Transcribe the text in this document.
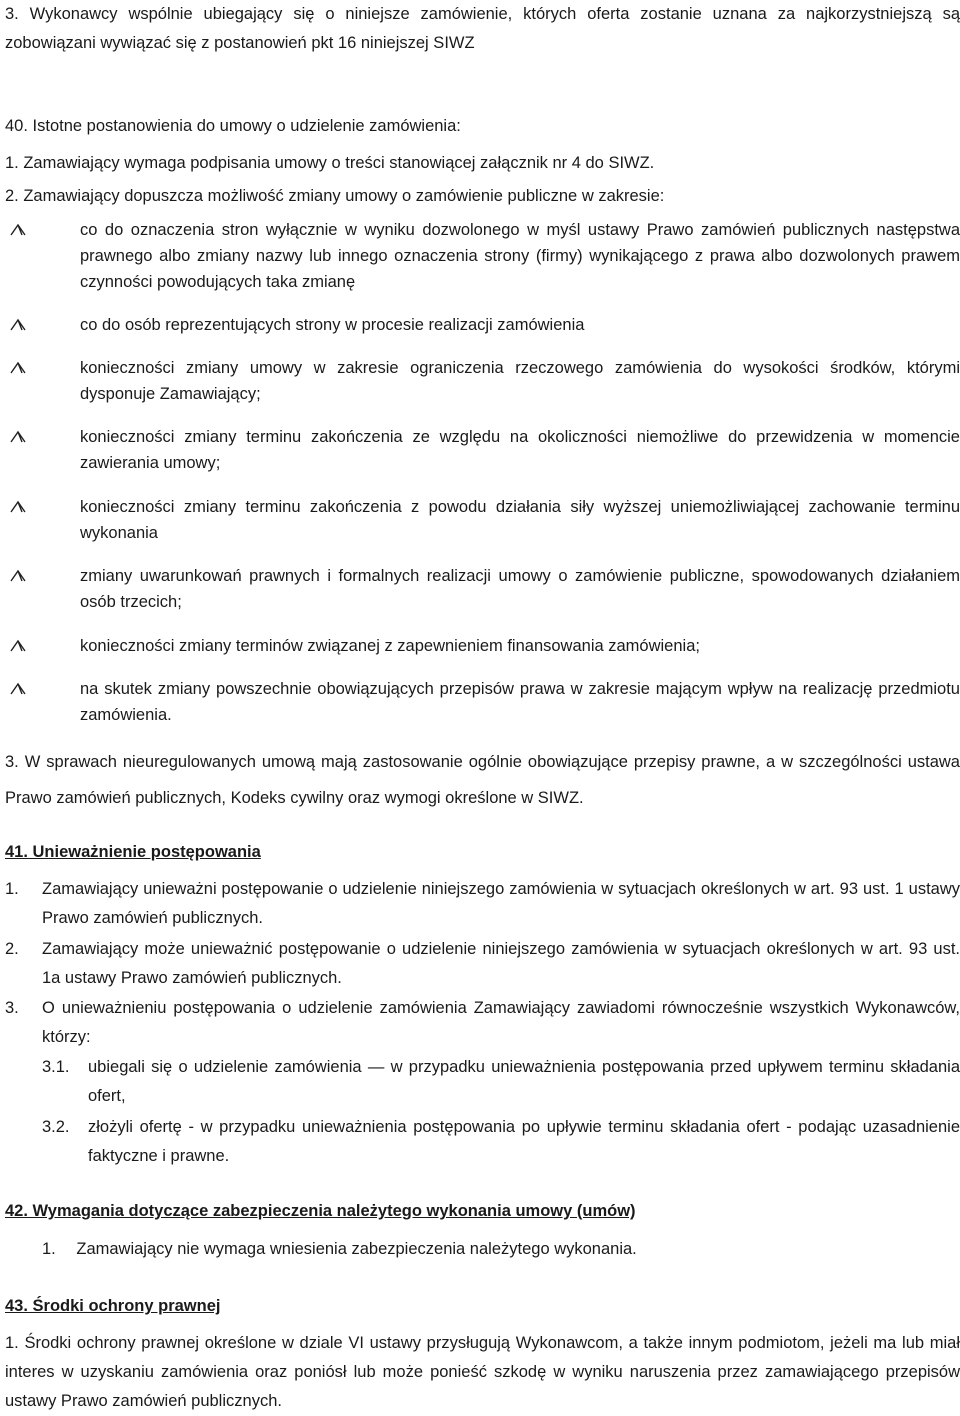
3. Wykonawcy wspólnie ubiegający się o niniejsze zamówienie, których oferta zostanie uznana za najkorzystniejszą są zobowiązani wywiązać się z postanowień pkt 16 niniejszej SIWZ
40. Istotne postanowienia do umowy o udzielenie zamówienia:
1. Zamawiający wymaga podpisania umowy o treści stanowiącej załącznik nr 4 do SIWZ.
2. Zamawiający dopuszcza możliwość zmiany umowy o zamówienie publiczne w zakresie:
co do oznaczenia stron wyłącznie w wyniku dozwolonego w myśl ustawy Prawo zamówień publicznych następstwa prawnego albo zmiany nazwy lub innego oznaczenia strony (firmy) wynikającego z prawa albo dozwolonych prawem czynności powodujących taka zmianę
co do osób reprezentujących strony w procesie realizacji zamówienia
konieczności zmiany umowy w zakresie ograniczenia rzeczowego zamówienia do wysokości środków, którymi dysponuje Zamawiający;
konieczności zmiany terminu zakończenia ze względu na okoliczności niemożliwe do przewidzenia w momencie zawierania umowy;
konieczności zmiany terminu zakończenia z powodu działania siły wyższej uniemożliwiającej zachowanie terminu wykonania
zmiany uwarunkowań prawnych i formalnych realizacji umowy o zamówienie publiczne, spowodowanych działaniem osób trzecich;
konieczności zmiany terminów związanej z zapewnieniem finansowania zamówienia;
na skutek zmiany powszechnie obowiązujących przepisów prawa w zakresie mającym wpływ na realizację przedmiotu zamówienia.
3. W sprawach nieuregulowanych umową mają zastosowanie ogólnie obowiązujące przepisy prawne, a w szczególności ustawa Prawo zamówień publicznych, Kodeks cywilny oraz wymogi określone w SIWZ.
41. Unieważnienie postępowania
1. Zamawiający unieważni postępowanie o udzielenie niniejszego zamówienia w sytuacjach określonych w art. 93 ust. 1 ustawy Prawo zamówień publicznych.
2. Zamawiający może unieważnić postępowanie o udzielenie niniejszego zamówienia w sytuacjach określonych w art. 93 ust. 1a ustawy Prawo zamówień publicznych.
3. O unieważnieniu postępowania o udzielenie zamówienia Zamawiający zawiadomi równocześnie wszystkich Wykonawców, którzy:
3.1. ubiegali się o udzielenie zamówienia — w przypadku unieważnienia postępowania przed upływem terminu składania ofert,
3.2. złożyli ofertę - w przypadku unieważnienia postępowania po upływie terminu składania ofert - podając uzasadnienie faktyczne i prawne.
42. Wymagania dotyczące zabezpieczenia należytego wykonania umowy (umów)
1. Zamawiający nie wymaga wniesienia zabezpieczenia należytego wykonania.
43. Środki ochrony prawnej
1. Środki ochrony prawnej określone w dziale VI ustawy przysługują Wykonawcom, a także innym podmiotom, jeżeli ma lub miał interes w uzyskaniu zamówienia oraz poniósł lub może ponieść szkodę w wyniku naruszenia przez zamawiającego przepisów ustawy Prawo zamówień publicznych.
